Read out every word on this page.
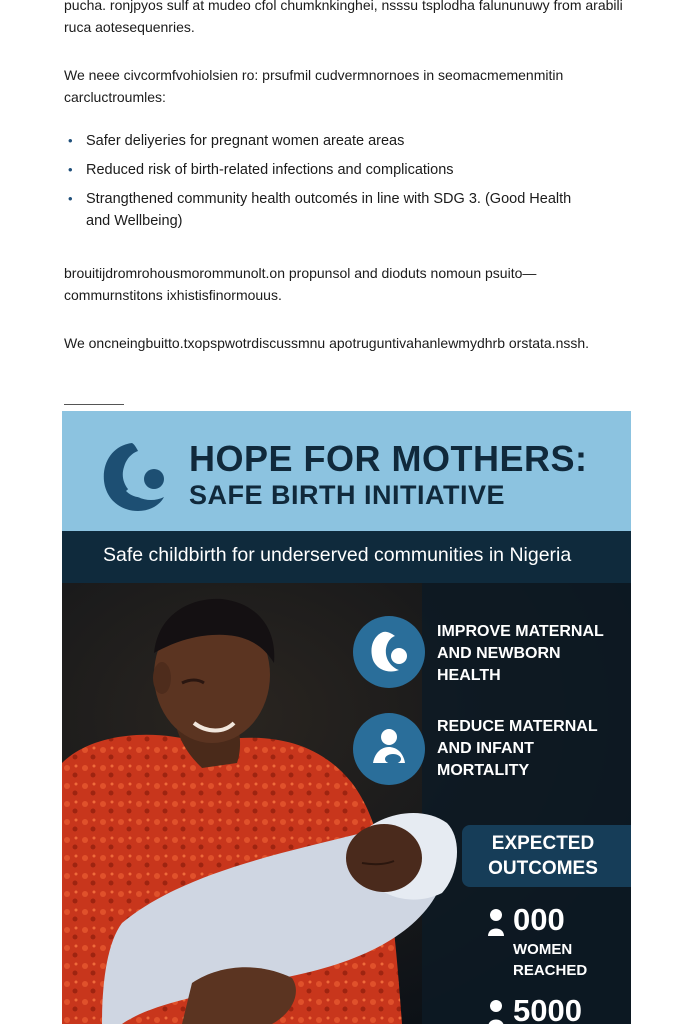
pucha. ronjpyos sulf at mudeo cfol chumknkinghei, nsssu tsplodha falununuwy from arabili ruca aotesequenries.

We neee civcormfvohiolsien ro: prsufmil cudvermnornoes in seomacmemenmitin carcluctroumles:

• Safer deliyeries for pregnant women areate areas
• Reduced risk of birth-related infections and complications
• Strangthened community health outcomés in line with SDG 3. (Good Health and Wellbeing)

brouitijdromrohousmorommunolt.on propunsol and dioduts nomoun psuito— commurnstitons ixhistisfinormouus.

We oncneingbuitto.txopspwotrdiscussmnu apotruguntivahanlewmydhrb orstata.nssh.

HOPE FOR MOTHERS:
SAFE BIRTH INITIATIVE
Safe childbirth for underserved communities in Nigeria
IMPROVE MATERNAL AND NEWBORN HEALTH
REDUCE MATERNAL AND INFANT MORTALITY
EXPECTED OUTCOMES
000
WOMEN REACHED
5000
